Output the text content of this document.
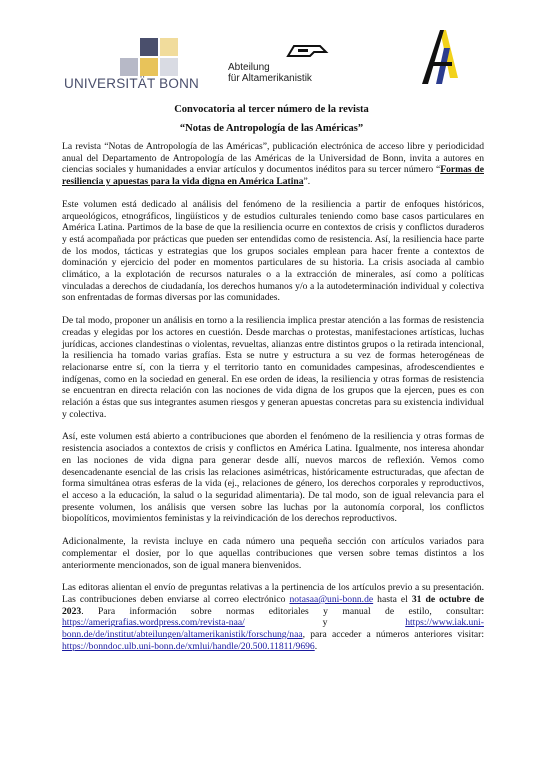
UNIVERSITÄT BONN
Abteilung
für Altamerikanistik
Convocatoria al tercer número de la revista
“Notas de Antropología de las Américas”

La revista “Notas de Antropología de las Américas”, publicación electrónica de acceso libre y periodicidad anual del Departamento de Antropología de las Américas de la Universidad de Bonn, invita a autores en ciencias sociales y humanidades a enviar artículos y documentos inéditos para su tercer número “Formas de resiliencia y apuestas para la vida digna en América Latina”.

Este volumen está dedicado al análisis del fenómeno de la resiliencia a partir de enfoques históricos, arqueológicos, etnográficos, lingüísticos y de estudios culturales teniendo como base casos particulares en América Latina. Partimos de la base de que la resiliencia ocurre en contextos de crisis y conflictos duraderos y está acompañada por prácticas que pueden ser entendidas como de resistencia. Así, la resiliencia hace parte de los modos, tácticas y estrategias que los grupos sociales emplean para hacer frente a contextos de dominación y ejercicio del poder en momentos particulares de su historia. La crisis asociada al cambio climático, a la explotación de recursos naturales o a la extracción de minerales, así como a políticas vinculadas a derechos de ciudadanía, los derechos humanos y/o a la autodeterminación individual y colectiva son enfrentadas de formas diversas por las comunidades.

De tal modo, proponer un análisis en torno a la resiliencia implica prestar atención a las formas de resistencia creadas y elegidas por los actores en cuestión. Desde marchas o protestas, manifestaciones artísticas, luchas jurídicas, acciones clandestinas o violentas, revueltas, alianzas entre distintos grupos o la retirada intencional, la resiliencia ha tomado varias grafías. Esta se nutre y estructura a su vez de formas heterogéneas de relacionarse entre sí, con la tierra y el territorio tanto en comunidades campesinas, afrodescendientes e indígenas, como en la sociedad en general. En ese orden de ideas, la resiliencia y otras formas de resistencia se encuentran en directa relación con las nociones de vida digna de los grupos que la ejercen, pues es con relación a éstas que sus integrantes asumen riesgos y generan apuestas concretas para su existencia individual y colectiva.

Así, este volumen está abierto a contribuciones que aborden el fenómeno de la resiliencia y otras formas de resistencia asociados a contextos de crisis y conflictos en América Latina. Igualmente, nos interesa ahondar en las nociones de vida digna para generar desde allí, nuevos marcos de reflexión. Vemos como desencadenante esencial de las crisis las relaciones asimétricas, históricamente estructuradas, que afectan de forma simultánea otras esferas de la vida (ej., relaciones de género, los derechos corporales y reproductivos, el acceso a la educación, la salud o la seguridad alimentaria). De tal modo, son de igual relevancia para el presente volumen, los análisis que versen sobre las luchas por la autonomía corporal, los conflictos biopolíticos, movimientos feministas y la reivindicación de los derechos reproductivos.

Adicionalmente, la revista incluye en cada número una pequeña sección con artículos variados para complementar el dosier, por lo que aquellas contribuciones que versen sobre temas distintos a los anteriormente mencionados, son de igual manera bienvenidos.

Las editoras alientan el envío de preguntas relativas a la pertinencia de los artículos previo a su presentación. Las contribuciones deben enviarse al correo electrónico notasaa@uni-bonn.de hasta el 31 de octubre de 2023. Para información sobre normas editoriales y manual de estilo, consultar: https://amerigrafias.wordpress.com/revista-naa/ y https://www.iak.uni-bonn.de/de/institut/abteilungen/altamerikanistik/forschung/naa, para acceder a números anteriores visitar: https://bonndoc.ulb.uni-bonn.de/xmlui/handle/20.500.11811/9696.
